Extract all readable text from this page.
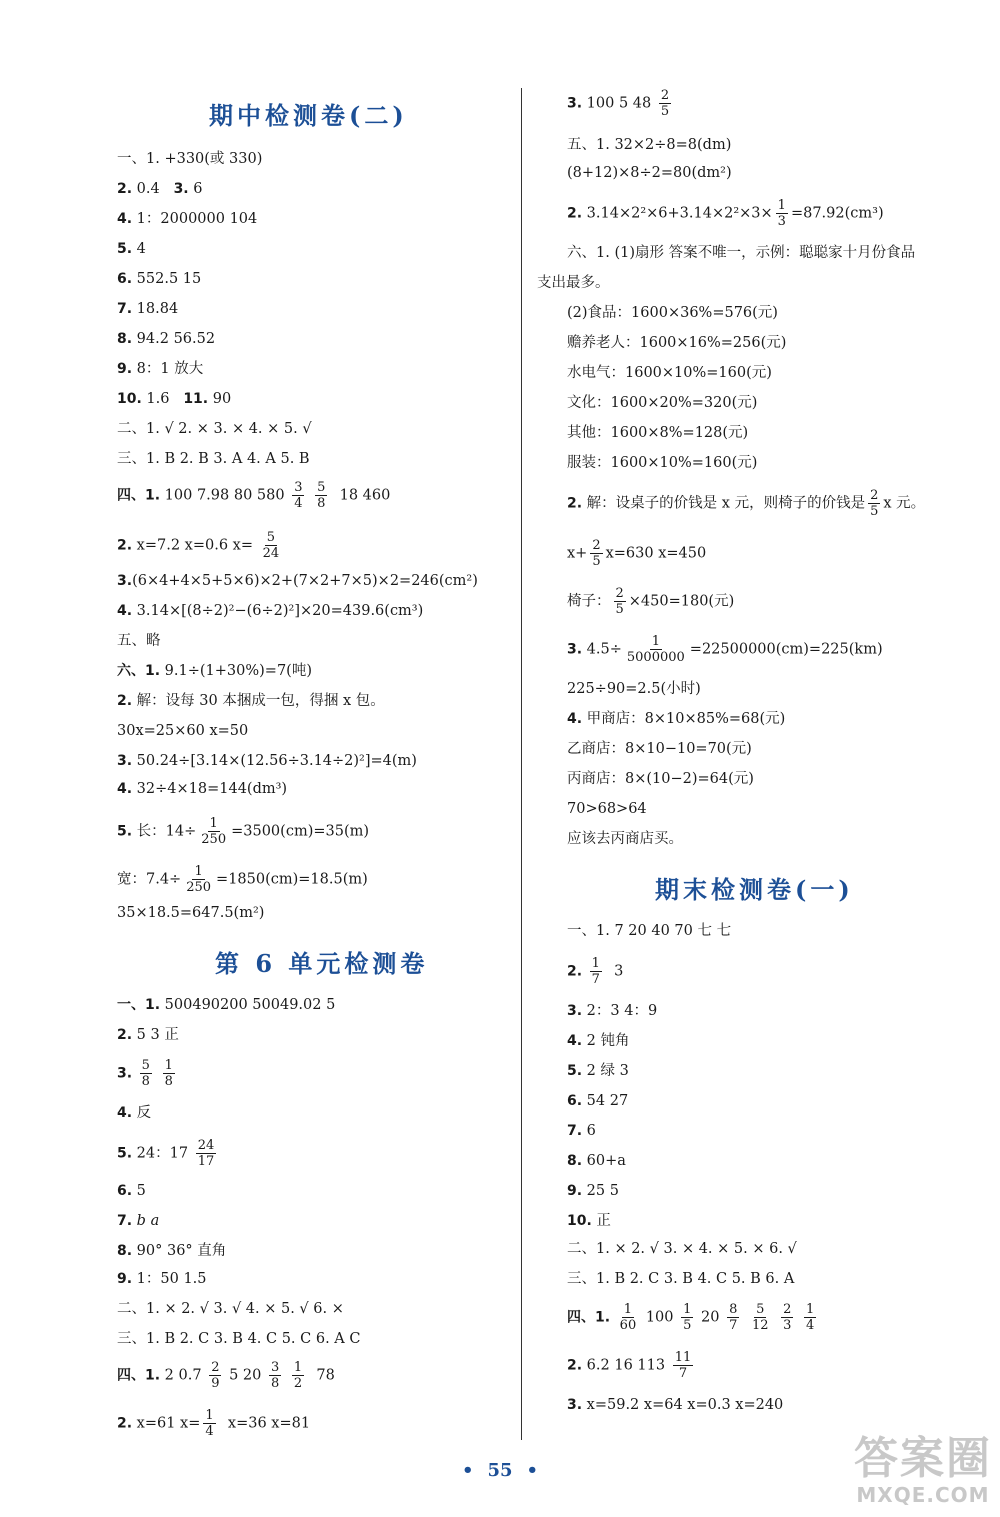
期中检测卷(二)
一、1. +330(或 330)
2. 0.4 3. 6
4. 1：2000000 104
5. 4
6. 552.5 15
7. 18.84
8. 94.2 56.52
9. 8：1 放大
10. 1.6 11. 90
二、1. √ 2. × 3. × 4. × 5. √
三、1. B 2. B 3. A 4. A 5. B
四、1. 100 7.98 80 $580 \frac{3}{4}$
$\frac{5}{8} 18$ 460
2. x=7.2 x=0.6 $x= \frac{5}{24}$
3.(6×4+4×5+5×6)×2+(7×2+7×5)×2=246(cm²)
4. 3.14×[(8÷2)²−(6÷2)²]×20=439.6(cm³)
五、略
六、1. 9.1÷(1+30%)=7(吨)
2. 解：设每 30 本捆成一包，得捆 x 包。
30x=25×60 x=50
3. 50.24÷[3.14×(12.56÷3.14÷2)²]=4(m)
4. 32÷4×18=144(dm³)
5. 长：$14\div \frac{1}{250} =3500(cm)=35(m)$
宽：$7.4\div \frac{1}{250} =1850(cm)=18.5(m)$
35×18.5=647.5(m²)
第 6 单元检测卷
一、1. 500490200 50049.02 5
2. 5 3 正
3. $\frac{5}{8}$
$\frac{1}{8}$
4. 反
5. 24：$17 \frac{24}{17}$
6. 5
7. b a
8. 90° 36° 直角
9. 1：50 1.5
二、1. × 2. √ 3. √ 4. × 5. √ 6. ×
三、1. B 2. C 3. B 4. C 5. C 6. A C
四、1. 2 $0.7 \frac{2}{9} 5$ $20 \frac{3}{8}$
$\frac{1}{2} 78$
2. x=61 $x= \frac{1}{4} x=36$ x=81
3. 100 5 $48 \frac{2}{5}$
五、1. 32×2÷8=8(dm)
(8+12)×8÷2=80(dm²)
2. $3.14\times 2^2\times 6+3.14\times 2^2\times 3\times \frac{1}{3} =87.92(cm^3)$
六、1. (1)扇形 答案不唯一，示例：聪聪家十月份食品
支出最多。
(2)食品：1600×36%=576(元)
赡养老人：1600×16%=256(元)
水电气：1600×10%=160(元)
文化：1600×20%=320(元)
其他：1600×8%=128(元)
服装：1600×10%=160(元)
2. 解：设桌子的价钱是 x 元，则椅子的价钱是 $\frac{2}{5}$ x 元。
$x+ \frac{2}{5} x=630$ x=450
椅子： $\frac{2}{5} \times 450=180$(元)
3. $4.5\div \frac{1}{5000000} =22500000(cm)=225(km)$
225÷90=2.5(小时)
4. 甲商店：8×10×85%=68(元)
乙商店：8×10−10=70(元)
丙商店：8×(10−2)=64(元)
70>68>64
应该去丙商店买。
期末检测卷(一)
一、1. 7 20 40 70 七 七
2. $\frac{1}{7} 3$
3. 2：3 4：9
4. 2 钝角
5. 2 绿 3
6. 54 27
7. 6
8. 60+a
9. 25 5
10. 正
二、1. × 2. √ 3. × 4. × 5. × 6. √
三、1. B 2. C 3. B 4. C 5. B 6. A
四、1. $\frac{1}{60} 100 \frac{1}{5} 20 \frac{8}{7}$
$\frac{5}{12}$
$\frac{2}{3}$
$\frac{1}{4}$
2. 6.2 16 $113 \frac{11}{7}$
3. x=59.2 x=64 x=0.3 x=240
• 55 •	答案圈
MXQE.COM
